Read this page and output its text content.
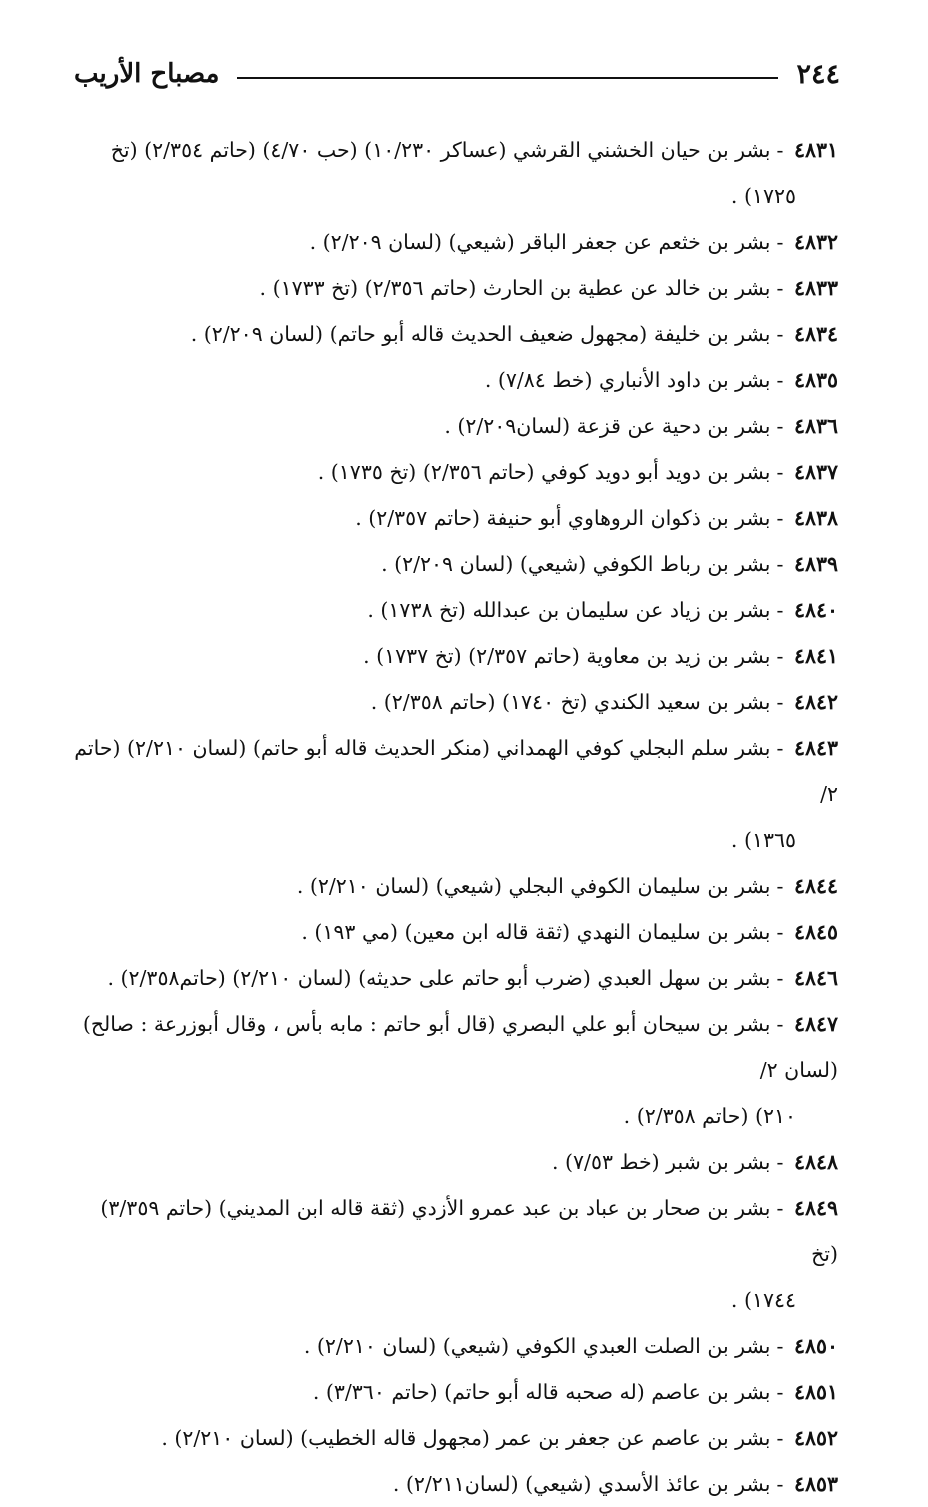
٢٤٤
مصباح الأريب
٤٨٣١ -بشر بن حيان الخشني القرشي (عساكر ١٠/٢٣٠) (حب ٤/٧٠) (حاتم ٢/٣٥٤) (تخ
١٧٢٥) .
٤٨٣٢ -بشر بن خثعم عن جعفر الباقر (شيعي) (لسان ٢/٢٠٩) .
٤٨٣٣ -بشر بن خالد عن عطية بن الحارث (حاتم ٢/٣٥٦) (تخ ١٧٣٣) .
٤٨٣٤ -بشر بن خليفة (مجهول ضعيف الحديث قاله أبو حاتم) (لسان ٢/٢٠٩) .
٤٨٣٥ -بشر بن داود الأنباري (خط ٧/٨٤) .
٤٨٣٦ -بشر بن دحية عن قزعة (لسان٢/٢٠٩) .
٤٨٣٧ -بشر بن دويد أبو دويد كوفي (حاتم ٢/٣٥٦) (تخ ١٧٣٥) .
٤٨٣٨ -بشر بن ذكوان الروهاوي أبو حنيفة (حاتم ٢/٣٥٧) .
٤٨٣٩ -بشر بن رباط الكوفي (شيعي) (لسان ٢/٢٠٩) .
٤٨٤٠ -بشر بن زياد عن سليمان بن عبدالله (تخ ١٧٣٨) .
٤٨٤١ -بشر بن زيد بن معاوية (حاتم ٢/٣٥٧) (تخ ١٧٣٧) .
٤٨٤٢ -بشر بن سعيد الكندي (تخ ١٧٤٠) (حاتم ٢/٣٥٨) .
٤٨٤٣ -بشر سلم البجلي كوفي الهمداني (منكر الحديث قاله أبو حاتم) (لسان ٢/٢١٠) (حاتم ٢/
١٣٦٥) .
٤٨٤٤ -بشر بن سليمان الكوفي البجلي (شيعي) (لسان ٢/٢١٠) .
٤٨٤٥ -بشر بن سليمان النهدي (ثقة قاله ابن معين) (مي ١٩٣) .
٤٨٤٦ -بشر بن سهل العبدي (ضرب أبو حاتم على حديثه) (لسان ٢/٢١٠) (حاتم٢/٣٥٨) .
٤٨٤٧ -بشر بن سيحان أبو علي البصري (قال أبو حاتم : مابه بأس ، وقال أبوزرعة : صالح) (لسان ٢/
٢١٠) (حاتم ٢/٣٥٨) .
٤٨٤٨ -بشر بن شبر (خط ٧/٥٣) .
٤٨٤٩ -بشر بن صحار بن عباد بن عبد عمرو الأزدي (ثقة قاله ابن المديني) (حاتم ٣/٣٥٩) (تخ
١٧٤٤) .
٤٨٥٠ -بشر بن الصلت العبدي الكوفي (شيعي) (لسان ٢/٢١٠) .
٤٨٥١ -بشر بن عاصم (له صحبه قاله أبو حاتم) (حاتم ٣/٣٦٠) .
٤٨٥٢ -بشر بن عاصم عن جعفر بن عمر (مجهول قاله الخطيب) (لسان ٢/٢١٠) .
٤٨٥٣ -بشر بن عائذ الأسدي (شيعي) (لسان٢/٢١١) .
